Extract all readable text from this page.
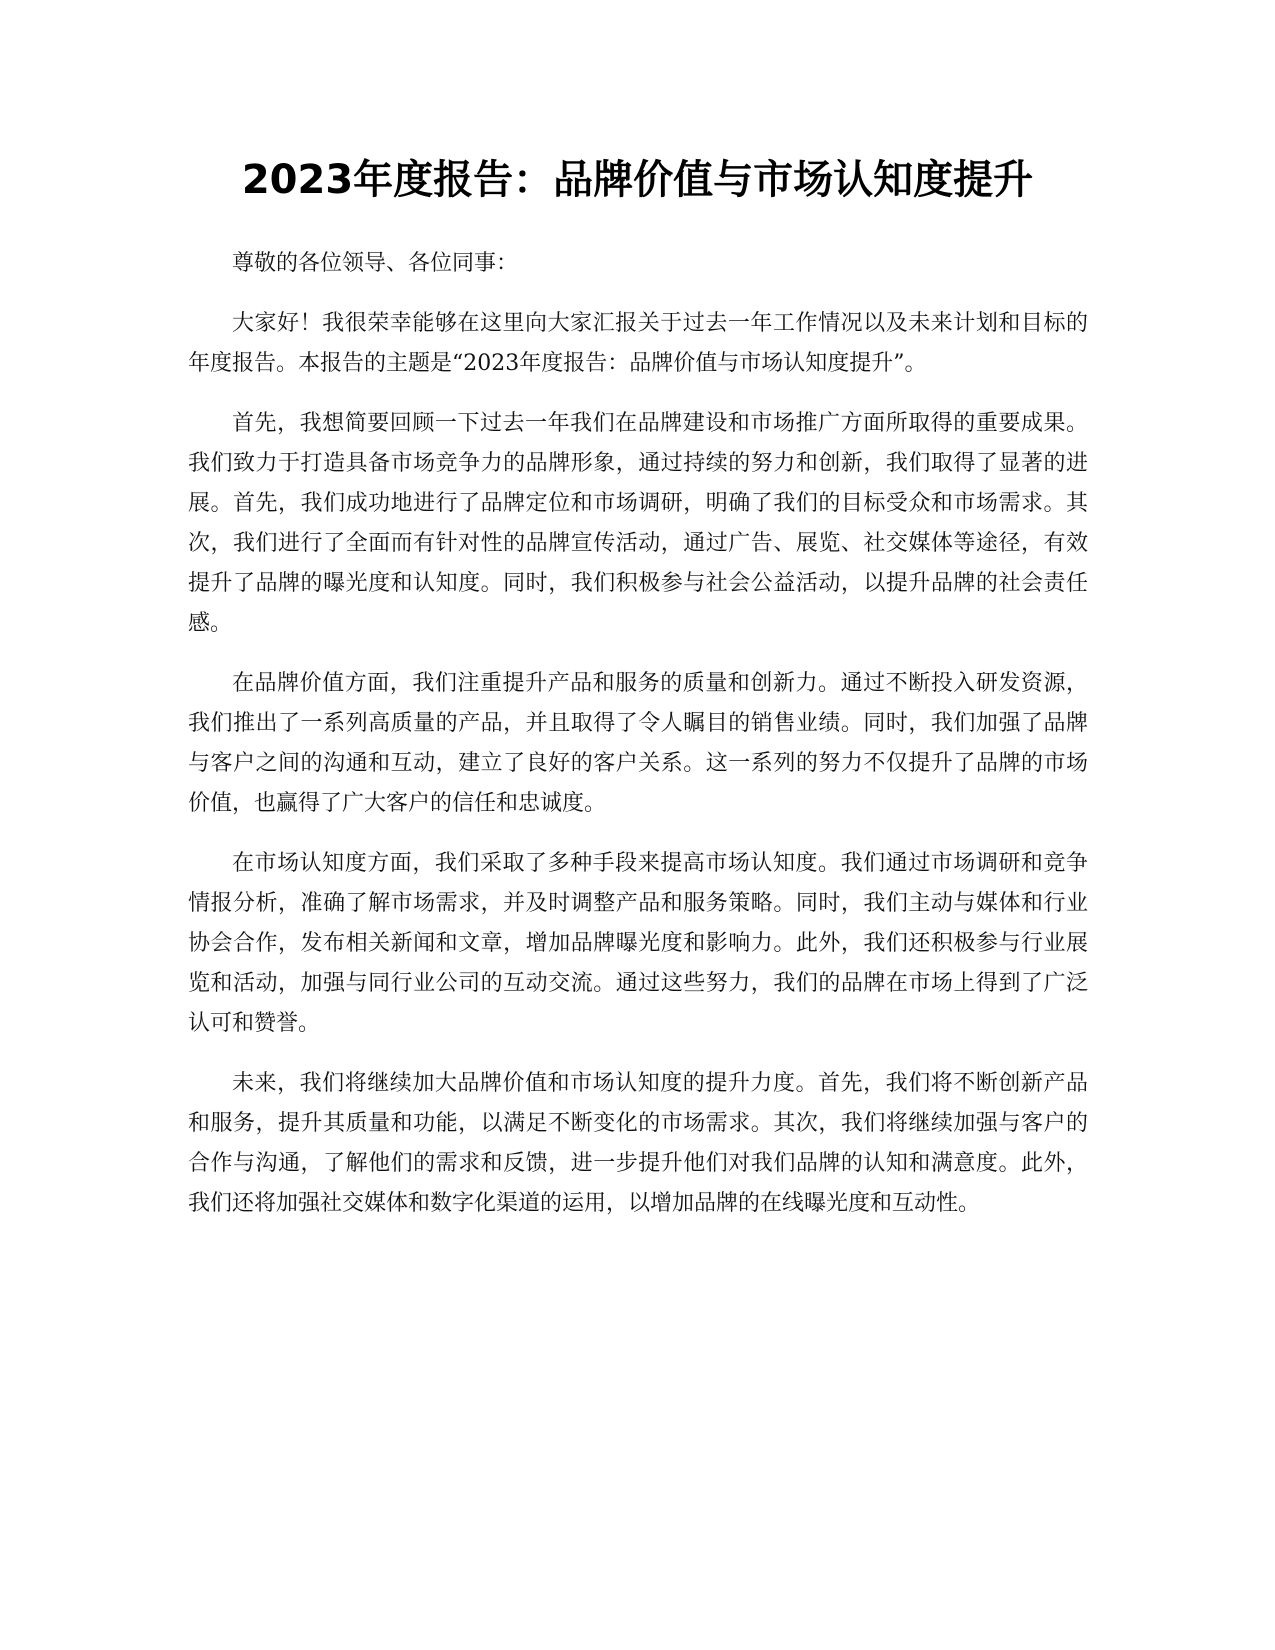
2023年度报告：品牌价值与市场认知度提升

尊敬的各位领导、各位同事：

大家好！我很荣幸能够在这里向大家汇报关于过去一年工作情况以及未来计划和目标的年度报告。本报告的主题是“2023年度报告：品牌价值与市场认知度提升”。

首先，我想简要回顾一下过去一年我们在品牌建设和市场推广方面所取得的重要成果。我们致力于打造具备市场竞争力的品牌形象，通过持续的努力和创新，我们取得了显著的进展。首先，我们成功地进行了品牌定位和市场调研，明确了我们的目标受众和市场需求。其次，我们进行了全面而有针对性的品牌宣传活动，通过广告、展览、社交媒体等途径，有效提升了品牌的曝光度和认知度。同时，我们积极参与社会公益活动，以提升品牌的社会责任感。

在品牌价值方面，我们注重提升产品和服务的质量和创新力。通过不断投入研发资源，我们推出了一系列高质量的产品，并且取得了令人瞩目的销售业绩。同时，我们加强了品牌与客户之间的沟通和互动，建立了良好的客户关系。这一系列的努力不仅提升了品牌的市场价值，也赢得了广大客户的信任和忠诚度。

在市场认知度方面，我们采取了多种手段来提高市场认知度。我们通过市场调研和竞争情报分析，准确了解市场需求，并及时调整产品和服务策略。同时，我们主动与媒体和行业协会合作，发布相关新闻和文章，增加品牌曝光度和影响力。此外，我们还积极参与行业展览和活动，加强与同行业公司的互动交流。通过这些努力，我们的品牌在市场上得到了广泛认可和赞誉。

未来，我们将继续加大品牌价值和市场认知度的提升力度。首先，我们将不断创新产品和服务，提升其质量和功能，以满足不断变化的市场需求。其次，我们将继续加强与客户的合作与沟通，了解他们的需求和反馈，进一步提升他们对我们品牌的认知和满意度。此外，我们还将加强社交媒体和数字化渠道的运用，以增加品牌的在线曝光度和互动性。
